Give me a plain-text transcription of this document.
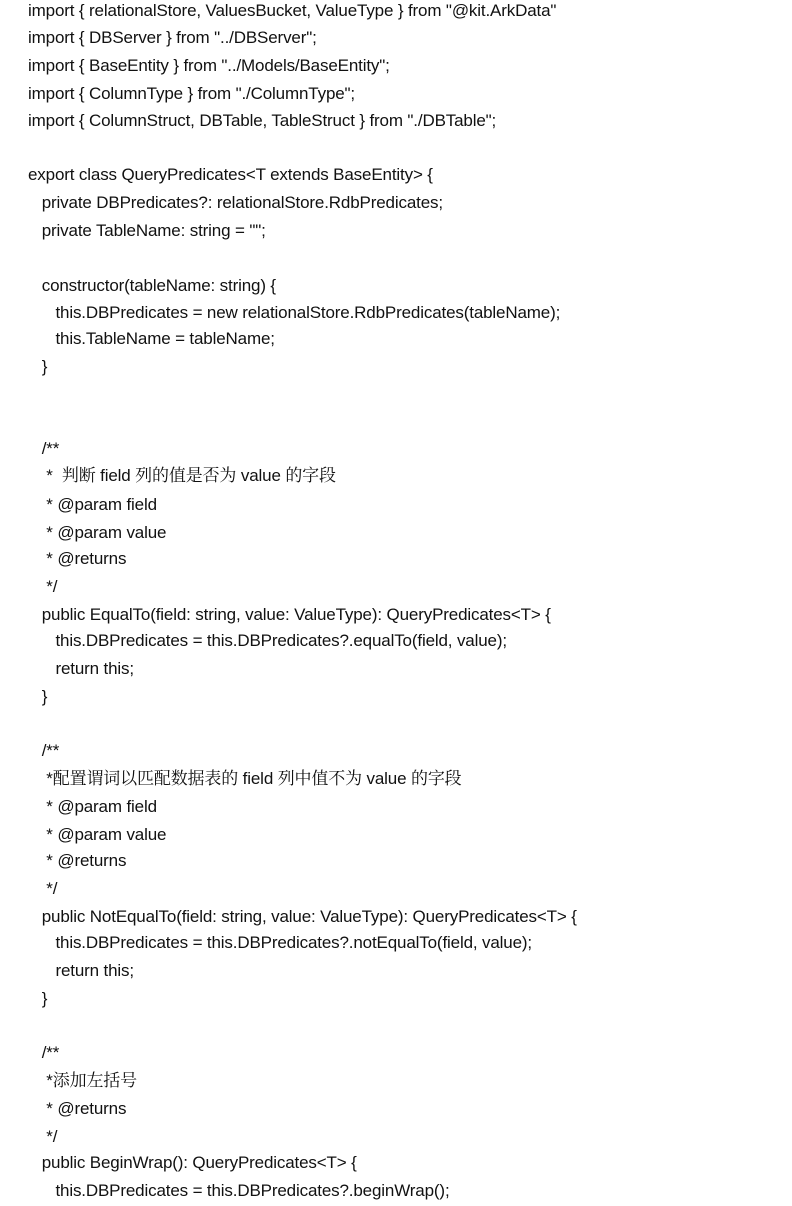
import { relationalStore, ValuesBucket, ValueType } from "@kit.ArkData"
import { DBServer } from "../DBServer";
import { BaseEntity } from "../Models/BaseEntity";
import { ColumnType } from "./ColumnType";
import { ColumnStruct, DBTable, TableStruct } from "./DBTable";
export class QueryPredicates<T extends BaseEntity> {
private DBPredicates?: relationalStore.RdbPredicates;
private TableName: string = "";
constructor(tableName: string) {
this.DBPredicates = new relationalStore.RdbPredicates(tableName);
this.TableName = tableName;
}
/**
*  判断 field 列的值是否为 value 的字段
* @param field
* @param value
* @returns
*/
public EqualTo(field: string, value: ValueType): QueryPredicates<T> {
this.DBPredicates = this.DBPredicates?.equalTo(field, value);
return this;
}
/**
*配置谓词以匹配数据表的 field 列中值不为 value 的字段
* @param field
* @param value
* @returns
*/
public NotEqualTo(field: string, value: ValueType): QueryPredicates<T> {
this.DBPredicates = this.DBPredicates?.notEqualTo(field, value);
return this;
}
/**
*添加左括号
* @returns
*/
public BeginWrap(): QueryPredicates<T> {
this.DBPredicates = this.DBPredicates?.beginWrap();
